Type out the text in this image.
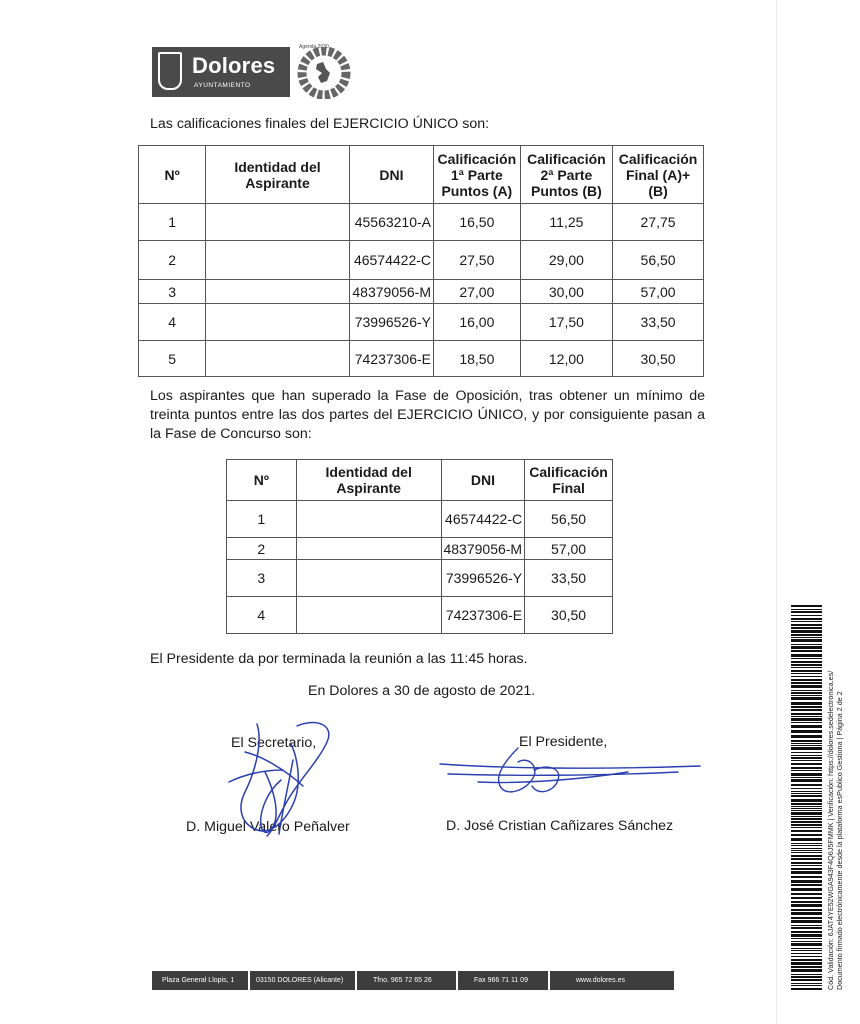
Dolores
AYUNTAMIENTO
Agenda 2030
Las calificaciones finales del EJERCICIO ÚNICO son:
Nº	Identidad del Aspirante	DNI	Calificación 1ª Parte Puntos (A)	Calificación 2ª Parte Puntos (B)	Calificación Final (A)+ (B)
1		45563210-A	16,50	11,25	27,75
2		46574422-C	27,50	29,00	56,50
3		48379056-M	27,00	30,00	57,00
4		73996526-Y	16,00	17,50	33,50
5		74237306-E	18,50	12,00	30,50
Los aspirantes que han superado la Fase de Oposición, tras obtener un mínimo de treinta puntos entre las dos partes del EJERCICIO ÚNICO, y por consiguiente pasan a la Fase de Concurso son:
Nº	Identidad del Aspirante	DNI	Calificación Final
1		46574422-C	56,50
2		48379056-M	57,00
3		73996526-Y	33,50
4		74237306-E	30,50
El Presidente da por terminada la reunión a las 11:45 horas.
En Dolores a 30 de agosto de 2021.
El Secretario,	El Presidente,
D. Miguel Valero Peñalver	D. José Cristian Cañizares Sánchez
Plaza General Llopis, 1	03150 DOLORES (Alicante)	Tfno. 965 72 65 26	Fax 966 71 11 09	www.dolores.es	Cód. Validación: 6JAT4YE52WGA943F4Q6J5FMMK | Verificación: https://dolores.sedelectronica.es/ Documento firmado electrónicamente desde la plataforma esPublico Gestiona | Página 2 de 2
